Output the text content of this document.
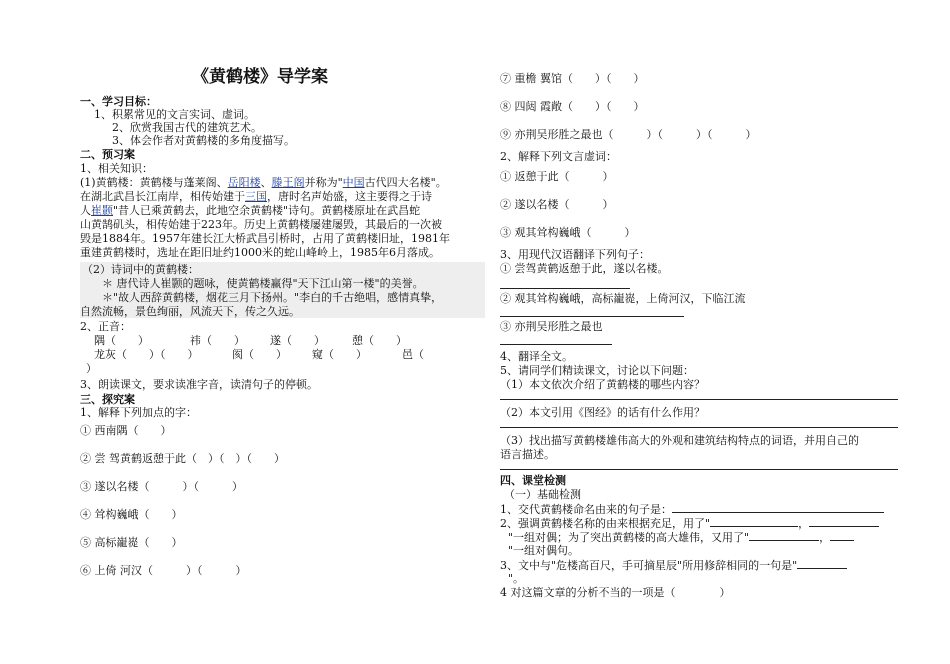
《黄鹤楼》导学案
一、学习目标：
1、积累常见的文言实词、虚词。
2、欣赏我国古代的建筑艺术。
3、体会作者对黄鹤楼的多角度描写。
二、预习案
1、相关知识：
(1)黄鹤楼：黄鹤楼与蓬莱阁、岳阳楼、滕王阁并称为"中国古代四大名楼"。
在湖北武昌长江南岸，相传始建于三国，唐时名声始盛，这主要得之于诗
人崔颢"昔人已乘黄鹤去，此地空余黄鹤楼"诗句。黄鹤楼原址在武昌蛇
山黄鹄矶头，相传始建于223年。历史上黄鹤楼屡建屡毁，其最后的一次被
毁是1884年。1957年建长江大桥武昌引桥时，占用了黄鹤楼旧址，1981年
重建黄鹤楼时，选址在距旧址约1000米的蛇山峰岭上，1985年6月落成。
（2）诗词中的黄鹤楼：
＊ 唐代诗人崔颢的题咏，使黄鹤楼赢得"天下江山第一楼"的美誉。
＊"故人西辞黄鹤楼，烟花三月下扬州。"李白的千古绝唱，感情真挚，
自然流畅，景色绚丽，风流天下，传之久远。
2、正音：
隅（　　）	祎（　　） 遂（　　） 憩（　　）
龙灰（　　）（　　）	阂（　　） 窥（　　）	邑（
）
3、朗读课文，要求读准字音，读清句子的停顿。
三、探究案
1、解释下列加点的字：
① 西南隅（　　）
② 尝 驾黄鹤返憩于此（　）（　）（　　）
③ 遂以名楼（　　　）（　　　）
④ 耸构巍峨（　　）
⑤ 高标巃嵸（　　）
⑥ 上倚 河汉（　　　）（　　　）
⑦ 重檐 翼馆（　　）（　　）
⑧ 四闼 霞敞（　　）（　　）
⑨ 亦荆吴形胜之最也（　　　）（　　　）（　　　）
2、解释下列文言虚词：
① 返憩于此（　　　）
② 遂以名楼（　　　）
③ 观其耸构巍峨（　　　）
3、用现代汉语翻译下列句子：
① 尝驾黄鹤返憩于此，遂以名楼。
② 观其耸构巍峨，高标巃嵸，上倚河汉，下临江流
③ 亦荆吴形胜之最也
4、翻译全文。
5、请同学们精读课文，讨论以下问题：
（1）本文依次介绍了黄鹤楼的哪些内容？
（2）本文引用《图经》的话有什么作用？
（3）找出描写黄鹤楼雄伟高大的外观和建筑结构特点的词语，并用自己的
语言描述。
四、课堂检测
（一）基础检测
1、交代黄鹤楼命名由来的句子是：
2、强调黄鹤楼名称的由来根据充足，用了"	，
"一组对偶；为了突出黄鹤楼的高大雄伟，又用了"	，
"一组对偶句。
3、文中与"危楼高百尺，手可摘星辰"所用修辞相同的一句是"
"。
4 对这篇文章的分析不当的一项是（　　　　）
